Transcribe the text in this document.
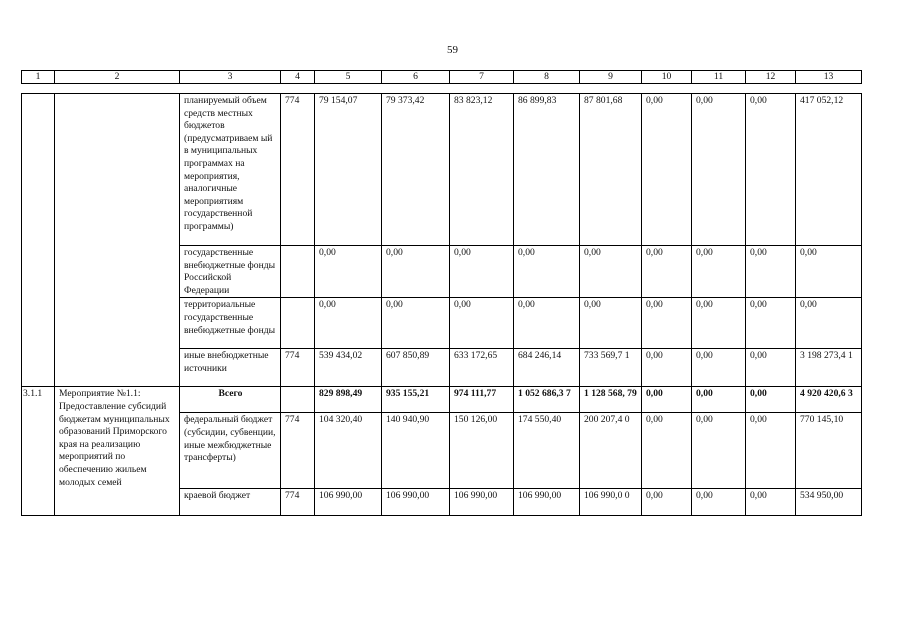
59
1	2	3	4	5	6	7	8	9	10	11	12	13
		планируемый объем средств местных бюджетов (предусматриваем ый в муниципальных программах на мероприятия, аналогичные мероприятиям государственной программы)	774	79 154,07	79 373,42	83 823,12	86 899,83	87 801,68	0,00	0,00	0,00	417 052,12
		государственные внебюджетные фонды Российской Федерации		0,00	0,00	0,00	0,00	0,00	0,00	0,00	0,00	0,00
		территориальные государственные внебюджетные фонды		0,00	0,00	0,00	0,00	0,00	0,00	0,00	0,00	0,00
		иные внебюджетные источники	774	539 434,02	607 850,89	633 172,65	684 246,14	733 569,7 1	0,00	0,00	0,00	3 198 273,4 1
3.1.1	Мероприятие №1.1: Предоставление субсидий бюджетам муниципальных образований Приморского края на реализацию мероприятий по обеспечению жильем молодых семей	Всего		829 898,49	935 155,21	974 111,77	1 052 686,3 7	1 128 568, 79	0,00	0,00	0,00	4 920 420,6 3
		федеральный бюджет (субсидии, субвенции, иные межбюджетные трансферты)	774	104 320,40	140 940,90	150 126,00	174 550,40	200 207,4 0	0,00	0,00	0,00	770 145,10
		краевой бюджет	774	106 990,00	106 990,00	106 990,00	106 990,00	106 990,0 0	0,00	0,00	0,00	534 950,00
